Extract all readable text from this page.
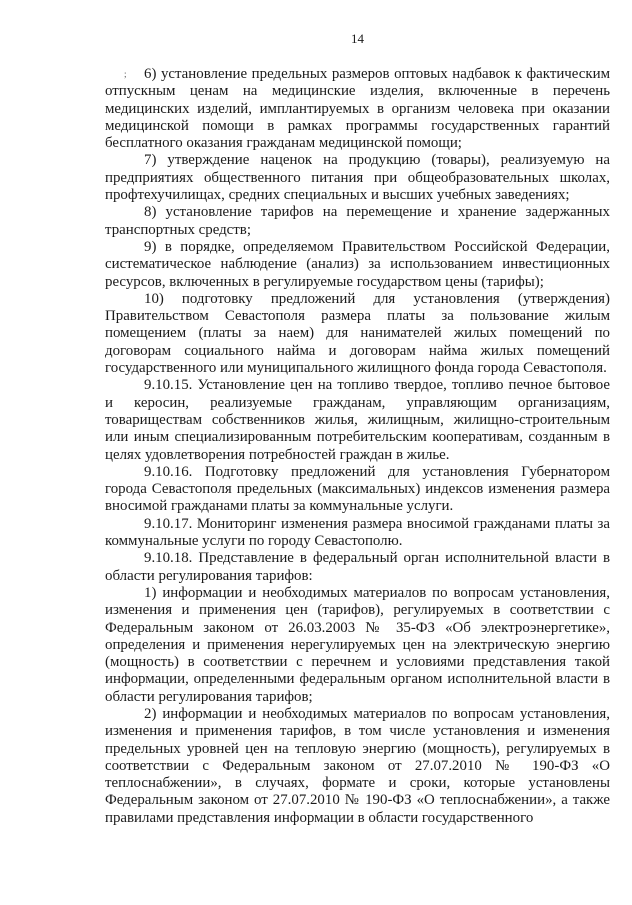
;
14

6) установление предельных размеров оптовых надбавок к фактическим отпускным ценам на медицинские изделия, включенные в перечень медицинских изделий, имплантируемых в организм человека при оказании медицинской помощи в рамках программы государственных гарантий бесплатного оказания гражданам медицинской помощи;

7) утверждение наценок на продукцию (товары), реализуемую на предприятиях общественного питания при общеобразовательных школах, профтехучилищах, средних специальных и высших учебных заведениях;

8) установление тарифов на перемещение и хранение задержанных транспортных средств;

9) в порядке, определяемом Правительством Российской Федерации, систематическое наблюдение (анализ) за использованием инвестиционных ресурсов, включенных в регулируемые государством цены (тарифы);

10) подготовку предложений для установления (утверждения) Правительством Севастополя размера платы за пользование жилым помещением (платы за наем) для нанимателей жилых помещений по договорам социального найма и договорам найма жилых помещений государственного или муниципального жилищного фонда города Севастополя.

9.10.15. Установление цен на топливо твердое, топливо печное бытовое и керосин, реализуемые гражданам, управляющим организациям, товариществам собственников жилья, жилищным, жилищно-строительным или иным специализированным потребительским кооперативам, созданным в целях удовлетворения потребностей граждан в жилье.

9.10.16. Подготовку предложений для установления Губернатором города Севастополя предельных (максимальных) индексов изменения размера вносимой гражданами платы за коммунальные услуги.

9.10.17. Мониторинг изменения размера вносимой гражданами платы за коммунальные услуги по городу Севастополю.

9.10.18. Представление в федеральный орган исполнительной власти в области регулирования тарифов:

1) информации и необходимых материалов по вопросам установления, изменения и применения цен (тарифов), регулируемых в соответствии с Федеральным законом от 26.03.2003 № 35-ФЗ «Об электроэнергетике», определения и применения нерегулируемых цен на электрическую энергию (мощность) в соответствии с перечнем и условиями представления такой информации, определенными федеральным органом исполнительной власти в области регулирования тарифов;

2) информации и необходимых материалов по вопросам установления, изменения и применения тарифов, в том числе установления и изменения предельных уровней цен на тепловую энергию (мощность), регулируемых в соответствии с Федеральным законом от 27.07.2010 № 190-ФЗ «О теплоснабжении», в случаях, формате и сроки, которые установлены Федеральным законом от 27.07.2010 № 190-ФЗ «О теплоснабжении», а также правилами представления информации в области государственного
